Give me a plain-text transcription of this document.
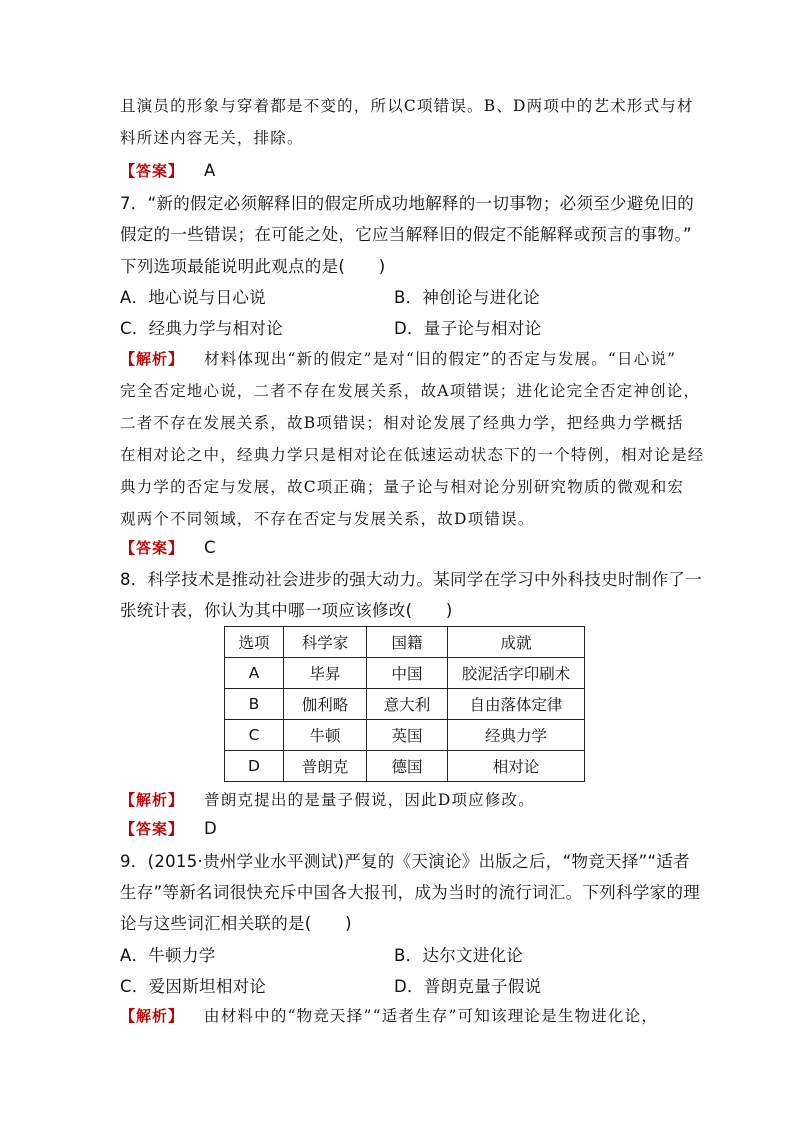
且演员的形象与穿着都是不变的，所以C项错误。B、D两项中的艺术形式与材
料所述内容无关，排除。
【答案】 A
7．“新的假定必须解释旧的假定所成功地解释的一切事物；必须至少避免旧的
假定的一些错误；在可能之处，它应当解释旧的假定不能解释或预言的事物。”
下列选项最能说明此观点的是(　　)
A．地心说与日心说	B．神创论与进化论
C．经典力学与相对论	D．量子论与相对论
【解析】 材料体现出“新的假定”是对“旧的假定”的否定与发展。“日心说”
完全否定地心说，二者不存在发展关系，故A项错误；进化论完全否定神创论，
二者不存在发展关系，故B项错误；相对论发展了经典力学，把经典力学概括
在相对论之中，经典力学只是相对论在低速运动状态下的一个特例，相对论是经
典力学的否定与发展，故C项正确；量子论与相对论分别研究物质的微观和宏
观两个不同领域，不存在否定与发展关系，故D项错误。
【答案】 C
8．科学技术是推动社会进步的强大动力。某同学在学习中外科技史时制作了一
张统计表，你认为其中哪一项应该修改(　　)
选项	科学家	国籍	成就
A	毕昇	中国	胶泥活字印刷术
B	伽利略	意大利	自由落体定律
C	牛顿	英国	经典力学
D	普朗克	德国	相对论
【解析】 普朗克提出的是量子假说，因此D项应修改。
【答案】 D
9．(2015·贵州学业水平测试)严复的《天演论》出版之后，“物竞天择”“适者
生存”等新名词很快充斥中国各大报刊，成为当时的流行词汇。下列科学家的理
论与这些词汇相关联的是(　　)
A．牛顿力学	B．达尔文进化论
C．爱因斯坦相对论	D．普朗克量子假说
【解析】 由材料中的“物竞天择”“适者生存”可知该理论是生物进化论，
